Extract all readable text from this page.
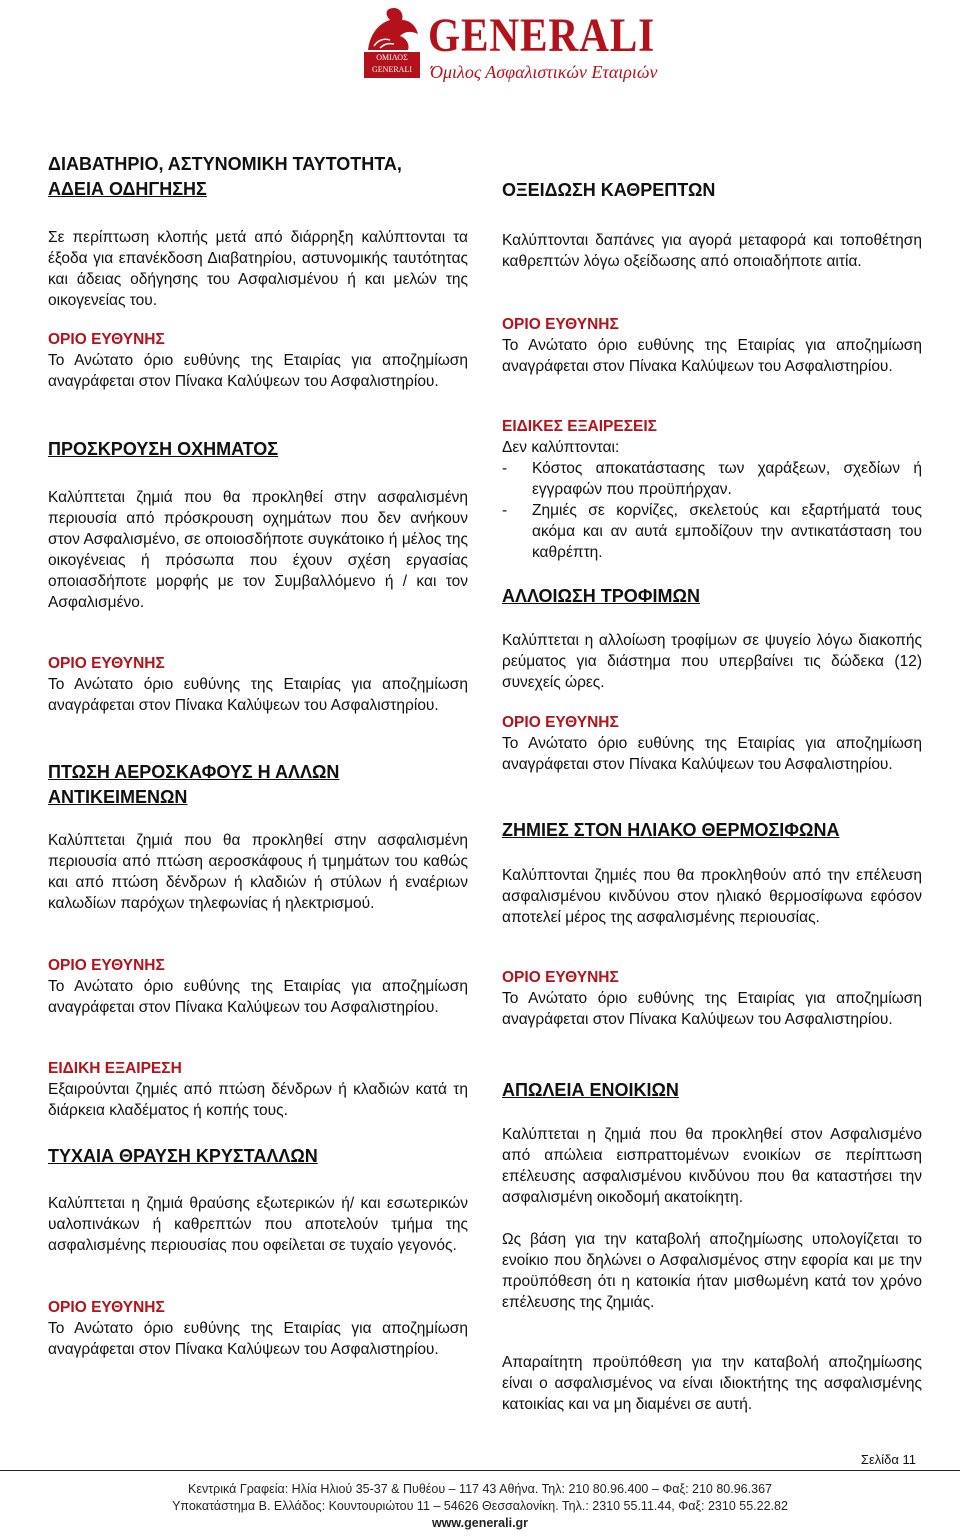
ΟΜΙΛΟΣ GENERALI
GENERALI
Όμιλος Ασφαλιστικών Εταιριών
ΔΙΑΒΑΤΗΡΙΟ, ΑΣΤΥΝΟΜΙΚΗ ΤΑΥΤΟΤΗΤΑ,
ΑΔΕΙΑ ΟΔΗΓΗΣΗΣ
Σε περίπτωση κλοπής μετά από διάρρηξη καλύπτονται τα έξοδα για επανέκδοση Διαβατηρίου, αστυνομικής ταυτότητας και άδειας οδήγησης του Ασφαλισμένου ή και μελών της οικογενείας του.
ΟΡΙΟ ΕΥΘΥΝΗΣ
Το Ανώτατο όριο ευθύνης της Εταιρίας για αποζημίωση αναγράφεται στον Πίνακα Καλύψεων του Ασφαλιστηρίου.
ΠΡΟΣΚΡΟΥΣΗ ΟΧΗΜΑΤΟΣ
Καλύπτεται ζημιά που θα προκληθεί στην ασφαλισμένη περιουσία από πρόσκρουση οχημάτων που δεν ανήκουν στον Ασφαλισμένο, σε οποιοσδήποτε συγκάτοικο ή μέλος της οικογένειας ή πρόσωπα που έχουν σχέση εργασίας οποιασδήποτε μορφής με τον Συμβαλλόμενο ή / και τον Ασφαλισμένο.
ΟΡΙΟ ΕΥΘΥΝΗΣ
Το Ανώτατο όριο ευθύνης της Εταιρίας για αποζημίωση αναγράφεται στον Πίνακα Καλύψεων του Ασφαλιστηρίου.
ΠΤΩΣΗ ΑΕΡΟΣΚΑΦΟΥΣ Η ΑΛΛΩΝ
ΑΝΤΙΚΕΙΜΕΝΩΝ
Καλύπτεται ζημιά που θα προκληθεί στην ασφαλισμένη περιουσία από πτώση αεροσκάφους ή τμημάτων του καθώς και από πτώση δένδρων ή κλαδιών ή στύλων ή εναέριων καλωδίων παρόχων τηλεφωνίας ή ηλεκτρισμού.
ΟΡΙΟ ΕΥΘΥΝΗΣ
Το Ανώτατο όριο ευθύνης της Εταιρίας για αποζημίωση αναγράφεται στον Πίνακα Καλύψεων του Ασφαλιστηρίου.
ΕΙΔΙΚΗ ΕΞΑΙΡΕΣΗ
Εξαιρούνται ζημιές από πτώση δένδρων ή κλαδιών κατά τη διάρκεια κλαδέματος ή κοπής τους.
ΤΥΧΑΙΑ ΘΡΑΥΣΗ ΚΡΥΣΤΑΛΛΩΝ
Καλύπτεται η ζημιά θραύσης εξωτερικών ή/ και εσωτερικών υαλοπινάκων ή καθρεπτών που αποτελούν τμήμα της ασφαλισμένης περιουσίας που οφείλεται σε τυχαίο γεγονός.
ΟΡΙΟ ΕΥΘΥΝΗΣ
Το Ανώτατο όριο ευθύνης της Εταιρίας για αποζημίωση αναγράφεται στον Πίνακα Καλύψεων του Ασφαλιστηρίου.
ΟΞΕΙΔΩΣΗ ΚΑΘΡΕΠΤΩΝ
Καλύπτονται δαπάνες για αγορά μεταφορά και τοποθέτηση καθρεπτών λόγω οξείδωσης από οποιαδήποτε αιτία.
ΟΡΙΟ ΕΥΘΥΝΗΣ
Το Ανώτατο όριο ευθύνης της Εταιρίας για αποζημίωση αναγράφεται στον Πίνακα Καλύψεων του Ασφαλιστηρίου.
ΕΙΔΙΚΕΣ ΕΞΑΙΡΕΣΕΙΣ
Δεν καλύπτονται:
- Κόστος αποκατάστασης των χαράξεων, σχεδίων ή εγγραφών που προϋπήρχαν.
- Ζημιές σε κορνίζες, σκελετούς και εξαρτήματά τους ακόμα και αν αυτά εμποδίζουν την αντικατάσταση του καθρέπτη.
ΑΛΛΟΙΩΣΗ ΤΡΟΦΙΜΩΝ
Καλύπτεται η αλλοίωση τροφίμων σε ψυγείο λόγω διακοπής ρεύματος για διάστημα που υπερβαίνει τις δώδεκα (12) συνεχείς ώρες.
ΟΡΙΟ ΕΥΘΥΝΗΣ
Το Ανώτατο όριο ευθύνης της Εταιρίας για αποζημίωση αναγράφεται στον Πίνακα Καλύψεων του Ασφαλιστηρίου.
ΖΗΜΙΕΣ ΣΤΟΝ ΗΛΙΑΚΟ ΘΕΡΜΟΣΙΦΩΝΑ
Καλύπτονται ζημιές που θα προκληθούν από την επέλευση ασφαλισμένου κινδύνου στον ηλιακό θερμοσίφωνα εφόσον αποτελεί μέρος της ασφαλισμένης περιουσίας.
ΟΡΙΟ ΕΥΘΥΝΗΣ
Το Ανώτατο όριο ευθύνης της Εταιρίας για αποζημίωση αναγράφεται στον Πίνακα Καλύψεων του Ασφαλιστηρίου.
ΑΠΩΛΕΙΑ ΕΝΟΙΚΙΩΝ
Καλύπτεται η ζημιά που θα προκληθεί στον Ασφαλισμένο από απώλεια εισπραττομένων ενοικίων σε περίπτωση επέλευσης ασφαλισμένου κινδύνου που θα καταστήσει την ασφαλισμένη οικοδομή ακατοίκητη.
Ως βάση για την καταβολή αποζημίωσης υπολογίζεται το ενοίκιο που δηλώνει ο Ασφαλισμένος στην εφορία και με την προϋπόθεση ότι η κατοικία ήταν μισθωμένη κατά τον χρόνο επέλευσης της ζημιάς.
Απαραίτητη προϋπόθεση για την καταβολή αποζημίωσης είναι ο ασφαλισμένος να είναι ιδιοκτήτης της ασφαλισμένης κατοικίας και να μη διαμένει σε αυτή.
Σελίδα 11
Κεντρικά Γραφεία: Ηλία Ηλιού 35-37 & Πυθέου – 117 43 Αθήνα. Τηλ: 210 80.96.400 – Φαξ: 210 80.96.367
Υποκατάστημα Β. Ελλάδος: Κουντουριώτου 11 – 54626 Θεσσαλονίκη. Τηλ.: 2310 55.11.44, Φαξ: 2310 55.22.82
www.generali.gr
